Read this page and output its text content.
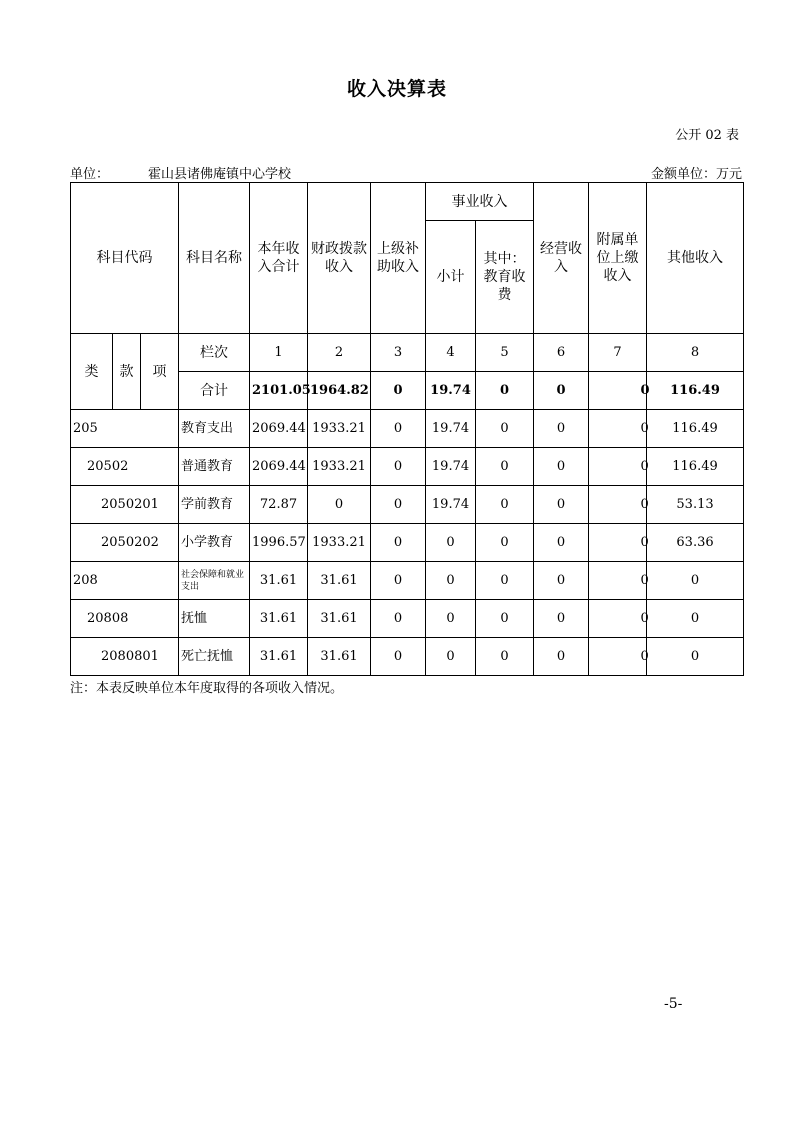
收入决算表
公开 02 表
单位：	霍山县诸佛庵镇中心学校	金额单位：万元
科目代码			科目名称	本年收入合计	财政拨款收入	上级补助收入	事业收入		经营收入	附属单位上缴收入		其他收入
							小计	其中：教育收费				
类	款	项	栏次	1	2	3	4	5	6	7		8
			合计	2101.05	1964.82	0	19.74	0	0		0	116.49
205			教育支出	2069.44	1933.21	0	19.74	0	0		0	116.49
20502			普通教育	2069.44	1933.21	0	19.74	0	0		0	116.49
2050201			学前教育	72.87	0	0	19.74	0	0		0	53.13
2050202			小学教育	1996.57	1933.21	0	0	0	0		0	63.36
208			社会保障和就业支出	31.61	31.61	0	0	0	0		0	0
20808			抚恤	31.61	31.61	0	0	0	0		0	0
2080801			死亡抚恤	31.61	31.61	0	0	0	0		0	0
注：本表反映单位本年度取得的各项收入情况。
-5-
